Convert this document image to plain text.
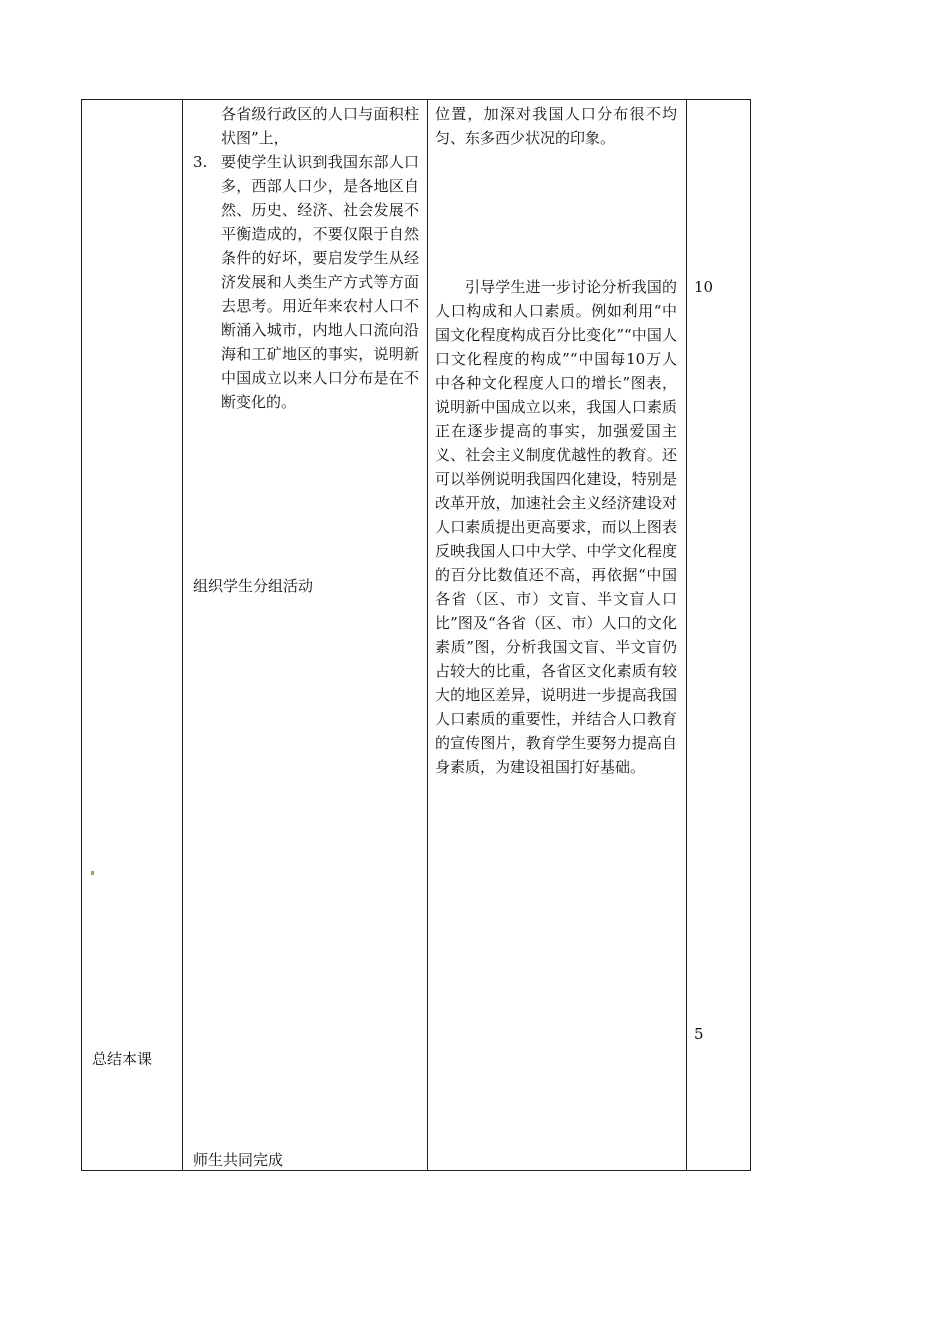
总结本课
各省级行政区的人口与面积柱状图”上，
3. 要使学生认识到我国东部人口多，西部人口少，是各地区自然、历史、经济、社会发展不平衡造成的，不要仅限于自然条件的好坏，要启发学生从经济发展和人类生产方式等方面去思考。用近年来农村人口不断涌入城市，内地人口流向沿海和工矿地区的事实，说明新中国成立以来人口分布是在不断变化的。
组织学生分组活动
师生共同完成
位置，加深对我国人口分布很不均匀、东多西少状况的印象。
引导学生进一步讨论分析我国的人口构成和人口素质。例如利用“中国文化程度构成百分比变化”“中国人口文化程度的构成”“中国每10万人中各种文化程度人口的增长”图表，说明新中国成立以来，我国人口素质正在逐步提高的事实，加强爱国主义、社会主义制度优越性的教育。还可以举例说明我国四化建设，特别是改革开放，加速社会主义经济建设对人口素质提出更高要求，而以上图表反映我国人口中大学、中学文化程度的百分比数值还不高，再依据“中国各省（区、市）文盲、半文盲人口比”图及“各省（区、市）人口的文化素质”图，分析我国文盲、半文盲仍占较大的比重，各省区文化素质有较大的地区差异，说明进一步提高我国人口素质的重要性，并结合人口教育的宣传图片，教育学生要努力提高自身素质，为建设祖国打好基础。
10
5
